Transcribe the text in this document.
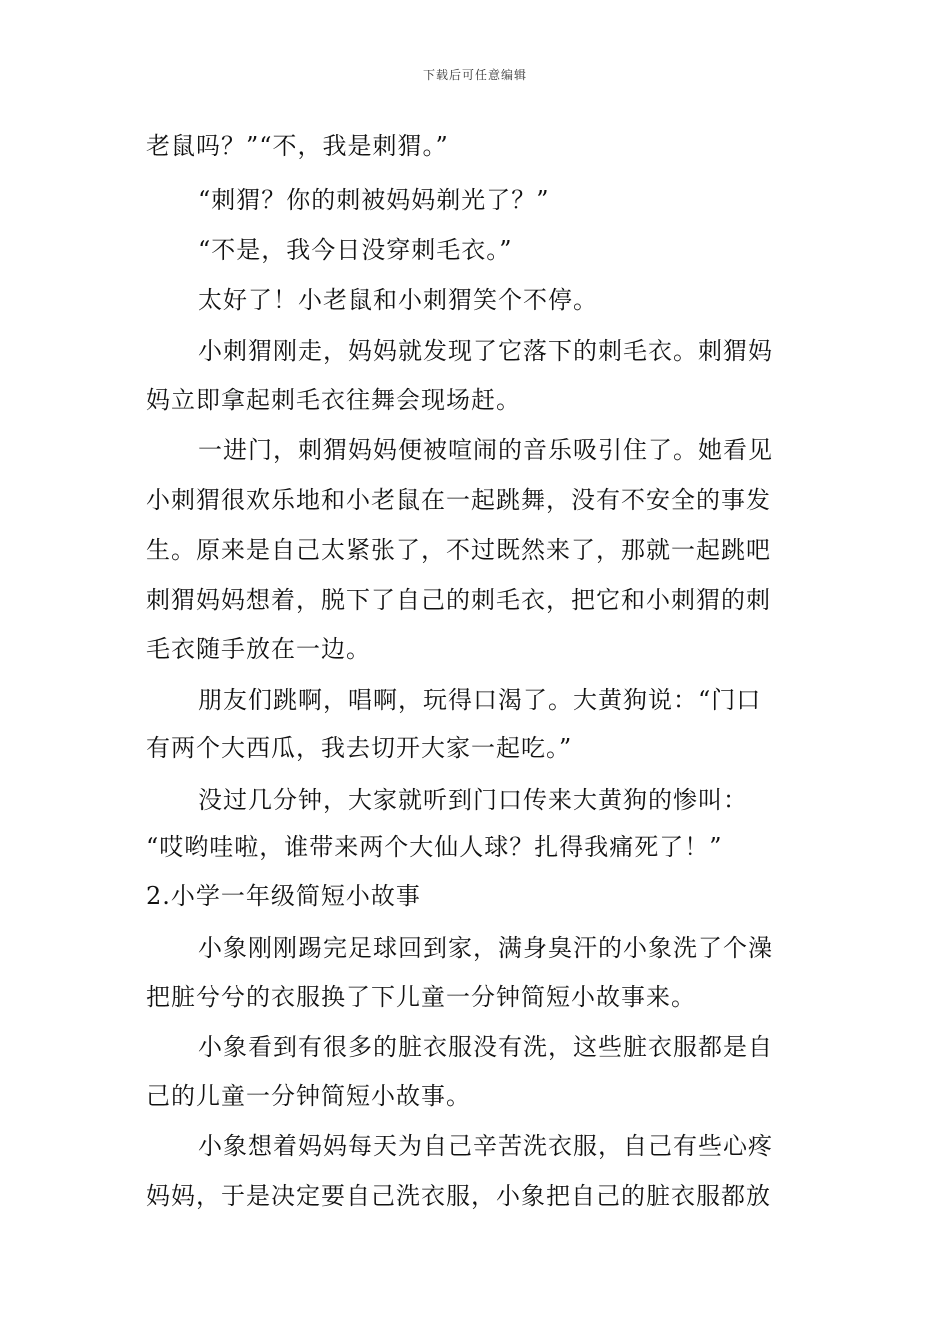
下载后可任意编辑
老鼠吗？”“不，我是刺猬。”
“刺猬？你的刺被妈妈剃光了？”
“不是，我今日没穿刺毛衣。”
太好了！小老鼠和小刺猬笑个不停。
小刺猬刚走，妈妈就发现了它落下的刺毛衣。刺猬妈
妈立即拿起刺毛衣往舞会现场赶。
一进门，刺猬妈妈便被喧闹的音乐吸引住了。她看见
小刺猬很欢乐地和小老鼠在一起跳舞，没有不安全的事发
生。原来是自己太紧张了，不过既然来了，那就一起跳吧
刺猬妈妈想着，脱下了自己的刺毛衣，把它和小刺猬的刺
毛衣随手放在一边。
朋友们跳啊，唱啊，玩得口渴了。大黄狗说：“门口
有两个大西瓜，我去切开大家一起吃。”
没过几分钟，大家就听到门口传来大黄狗的惨叫：
“哎哟哇啦，谁带来两个大仙人球？扎得我痛死了！”
2.小学一年级简短小故事
小象刚刚踢完足球回到家，满身臭汗的小象洗了个澡
把脏兮兮的衣服换了下儿童一分钟简短小故事来。
小象看到有很多的脏衣服没有洗，这些脏衣服都是自
己的儿童一分钟简短小故事。
小象想着妈妈每天为自己辛苦洗衣服，自己有些心疼
妈妈，于是决定要自己洗衣服，小象把自己的脏衣服都放
